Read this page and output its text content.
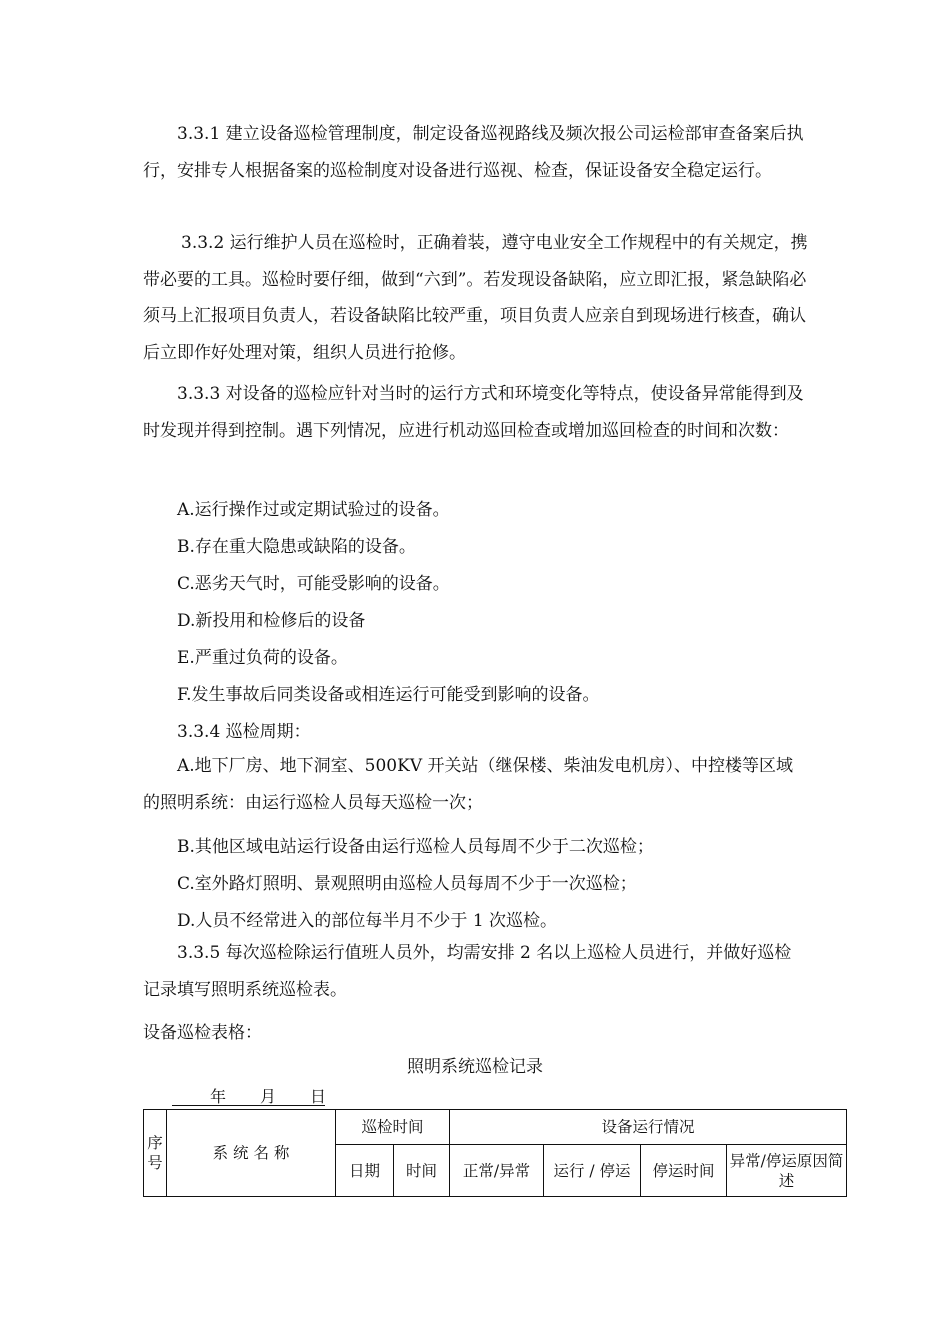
3.3.1 建立设备巡检管理制度，制定设备巡视路线及频次报公司运检部审查备案后执行，安排专人根据备案的巡检制度对设备进行巡视、检查，保证设备安全稳定运行。

3.3.2 运行维护人员在巡检时，正确着装，遵守电业安全工作规程中的有关规定，携带必要的工具。巡检时要仔细，做到“六到”。若发现设备缺陷，应立即汇报，紧急缺陷必须马上汇报项目负责人，若设备缺陷比较严重，项目负责人应亲自到现场进行核查，确认后立即作好处理对策，组织人员进行抢修。

3.3.3 对设备的巡检应针对当时的运行方式和环境变化等特点，使设备异常能得到及时发现并得到控制。遇下列情况，应进行机动巡回检查或增加巡回检查的时间和次数：

A.运行操作过或定期试验过的设备。
B.存在重大隐患或缺陷的设备。
C.恶劣天气时，可能受影响的设备。
D.新投用和检修后的设备
E.严重过负荷的设备。
F.发生事故后同类设备或相连运行可能受到影响的设备。
3.3.4 巡检周期：

A.地下厂房、地下洞室、500KV 开关站（继保楼、柴油发电机房）、中控楼等区域的照明系统：由运行巡检人员每天巡检一次；

B.其他区域电站运行设备由运行巡检人员每周不少于二次巡检；
C.室外路灯照明、景观照明由巡检人员每周不少于一次巡检；
D.人员不经常进入的部位每半月不少于 1 次巡检。

3.3.5 每次巡检除运行值班人员外，均需安排 2 名以上巡检人员进行，并做好巡检记录填写照明系统巡检表。

设备巡检表格：
照明系统巡检记录
年 月 日
序号	系 统 名 称	巡检时间		设备运行情况			
		日期	时间	正常/异常	运行 / 停运	停运时间	异常/停运原因简述
